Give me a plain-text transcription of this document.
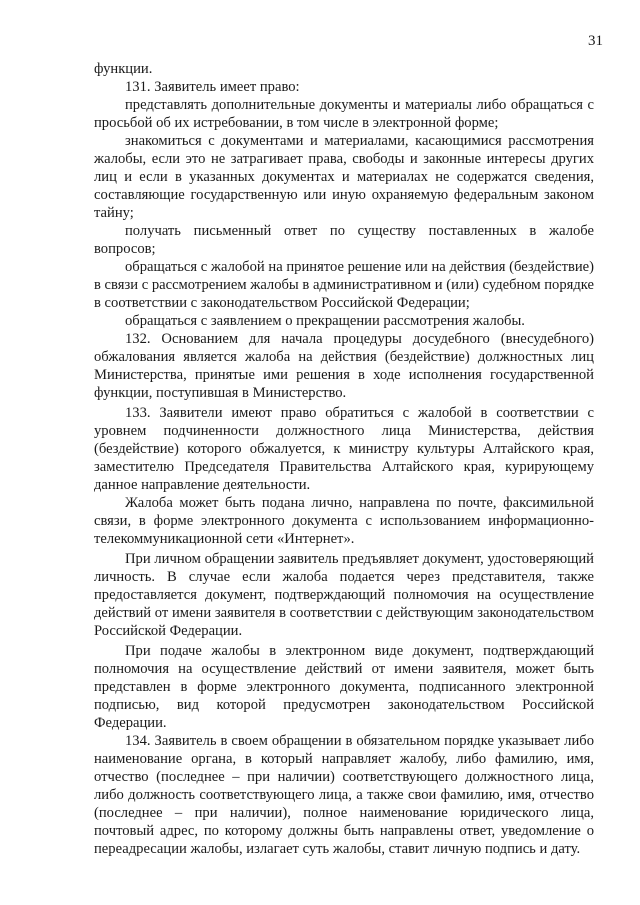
31

функции.

131. Заявитель имеет право:

представлять дополнительные документы и материалы либо обращаться с просьбой об их истребовании, в том числе в электронной форме;

знакомиться с документами и материалами, касающимися рассмотрения жалобы, если это не затрагивает права, свободы и законные интересы других лиц и если в указанных документах и материалах не содержатся сведения, составляющие государственную или иную охраняемую федеральным законом тайну;

получать письменный ответ по существу поставленных в жалобе вопросов;

обращаться с жалобой на принятое решение или на действия (бездействие) в связи с рассмотрением жалобы в административном и (или) судебном порядке в соответствии с законодательством Российской Федерации;

обращаться с заявлением о прекращении рассмотрения жалобы.

132. Основанием для начала процедуры досудебного (внесудебного) обжалования является жалоба на действия (бездействие) должностных лиц Министерства, принятые ими решения в ходе исполнения государственной функции, поступившая в Министерство.

133. Заявители имеют право обратиться с жалобой в соответствии с уровнем подчиненности должностного лица Министерства, действия (бездействие) которого обжалуется, к министру культуры Алтайского края, заместителю Председателя Правительства Алтайского края, курирующему данное направление деятельности.

Жалоба может быть подана лично, направлена по почте, факсимильной связи, в форме электронного документа с использованием информационно-телекоммуникационной сети «Интернет».

При личном обращении заявитель предъявляет документ, удостоверяющий личность. В случае если жалоба подается через представителя, также предоставляется документ, подтверждающий полномочия на осуществление действий от имени заявителя в соответствии с действующим законодательством Российской Федерации.

При подаче жалобы в электронном виде документ, подтверждающий полномочия на осуществление действий от имени заявителя, может быть представлен в форме электронного документа, подписанного электронной подписью, вид которой предусмотрен законодательством Российской Федерации.

134. Заявитель в своем обращении в обязательном порядке указывает либо наименование органа, в который направляет жалобу, либо фамилию, имя, отчество (последнее – при наличии) соответствующего должностного лица, либо должность соответствующего лица, а также свои фамилию, имя, отчество (последнее – при наличии), полное наименование юридического лица, почтовый адрес, по которому должны быть направлены ответ, уведомление о переадресации жалобы, излагает суть жалобы, ставит личную подпись и дату.
